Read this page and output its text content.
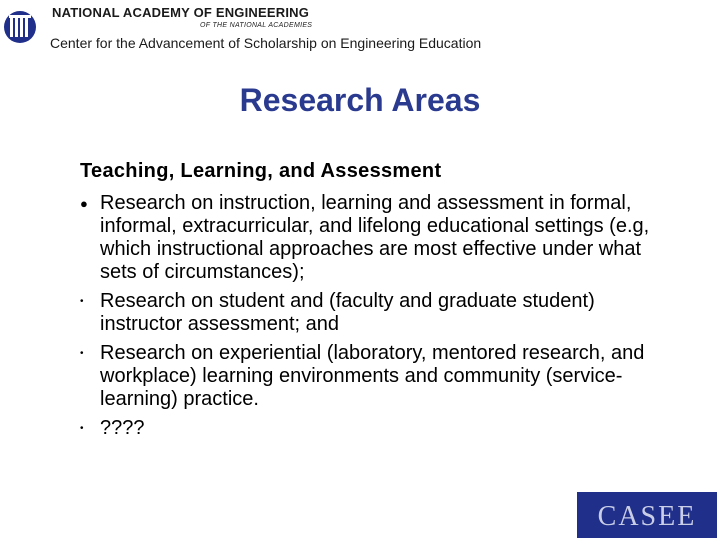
NATIONAL ACADEMY OF ENGINEERING
OF THE NATIONAL ACADEMIES
Center for the Advancement of Scholarship on Engineering Education
Research Areas
Teaching, Learning, and Assessment
● Research on instruction, learning and assessment in formal, informal, extracurricular, and lifelong educational settings (e.g, which instructional approaches are most effective under what sets of circumstances);
• Research on student and (faculty and graduate student) instructor assessment; and
• Research on experiential (laboratory, mentored research, and workplace) learning environments and community (service-learning) practice.
• ????
CASEE
